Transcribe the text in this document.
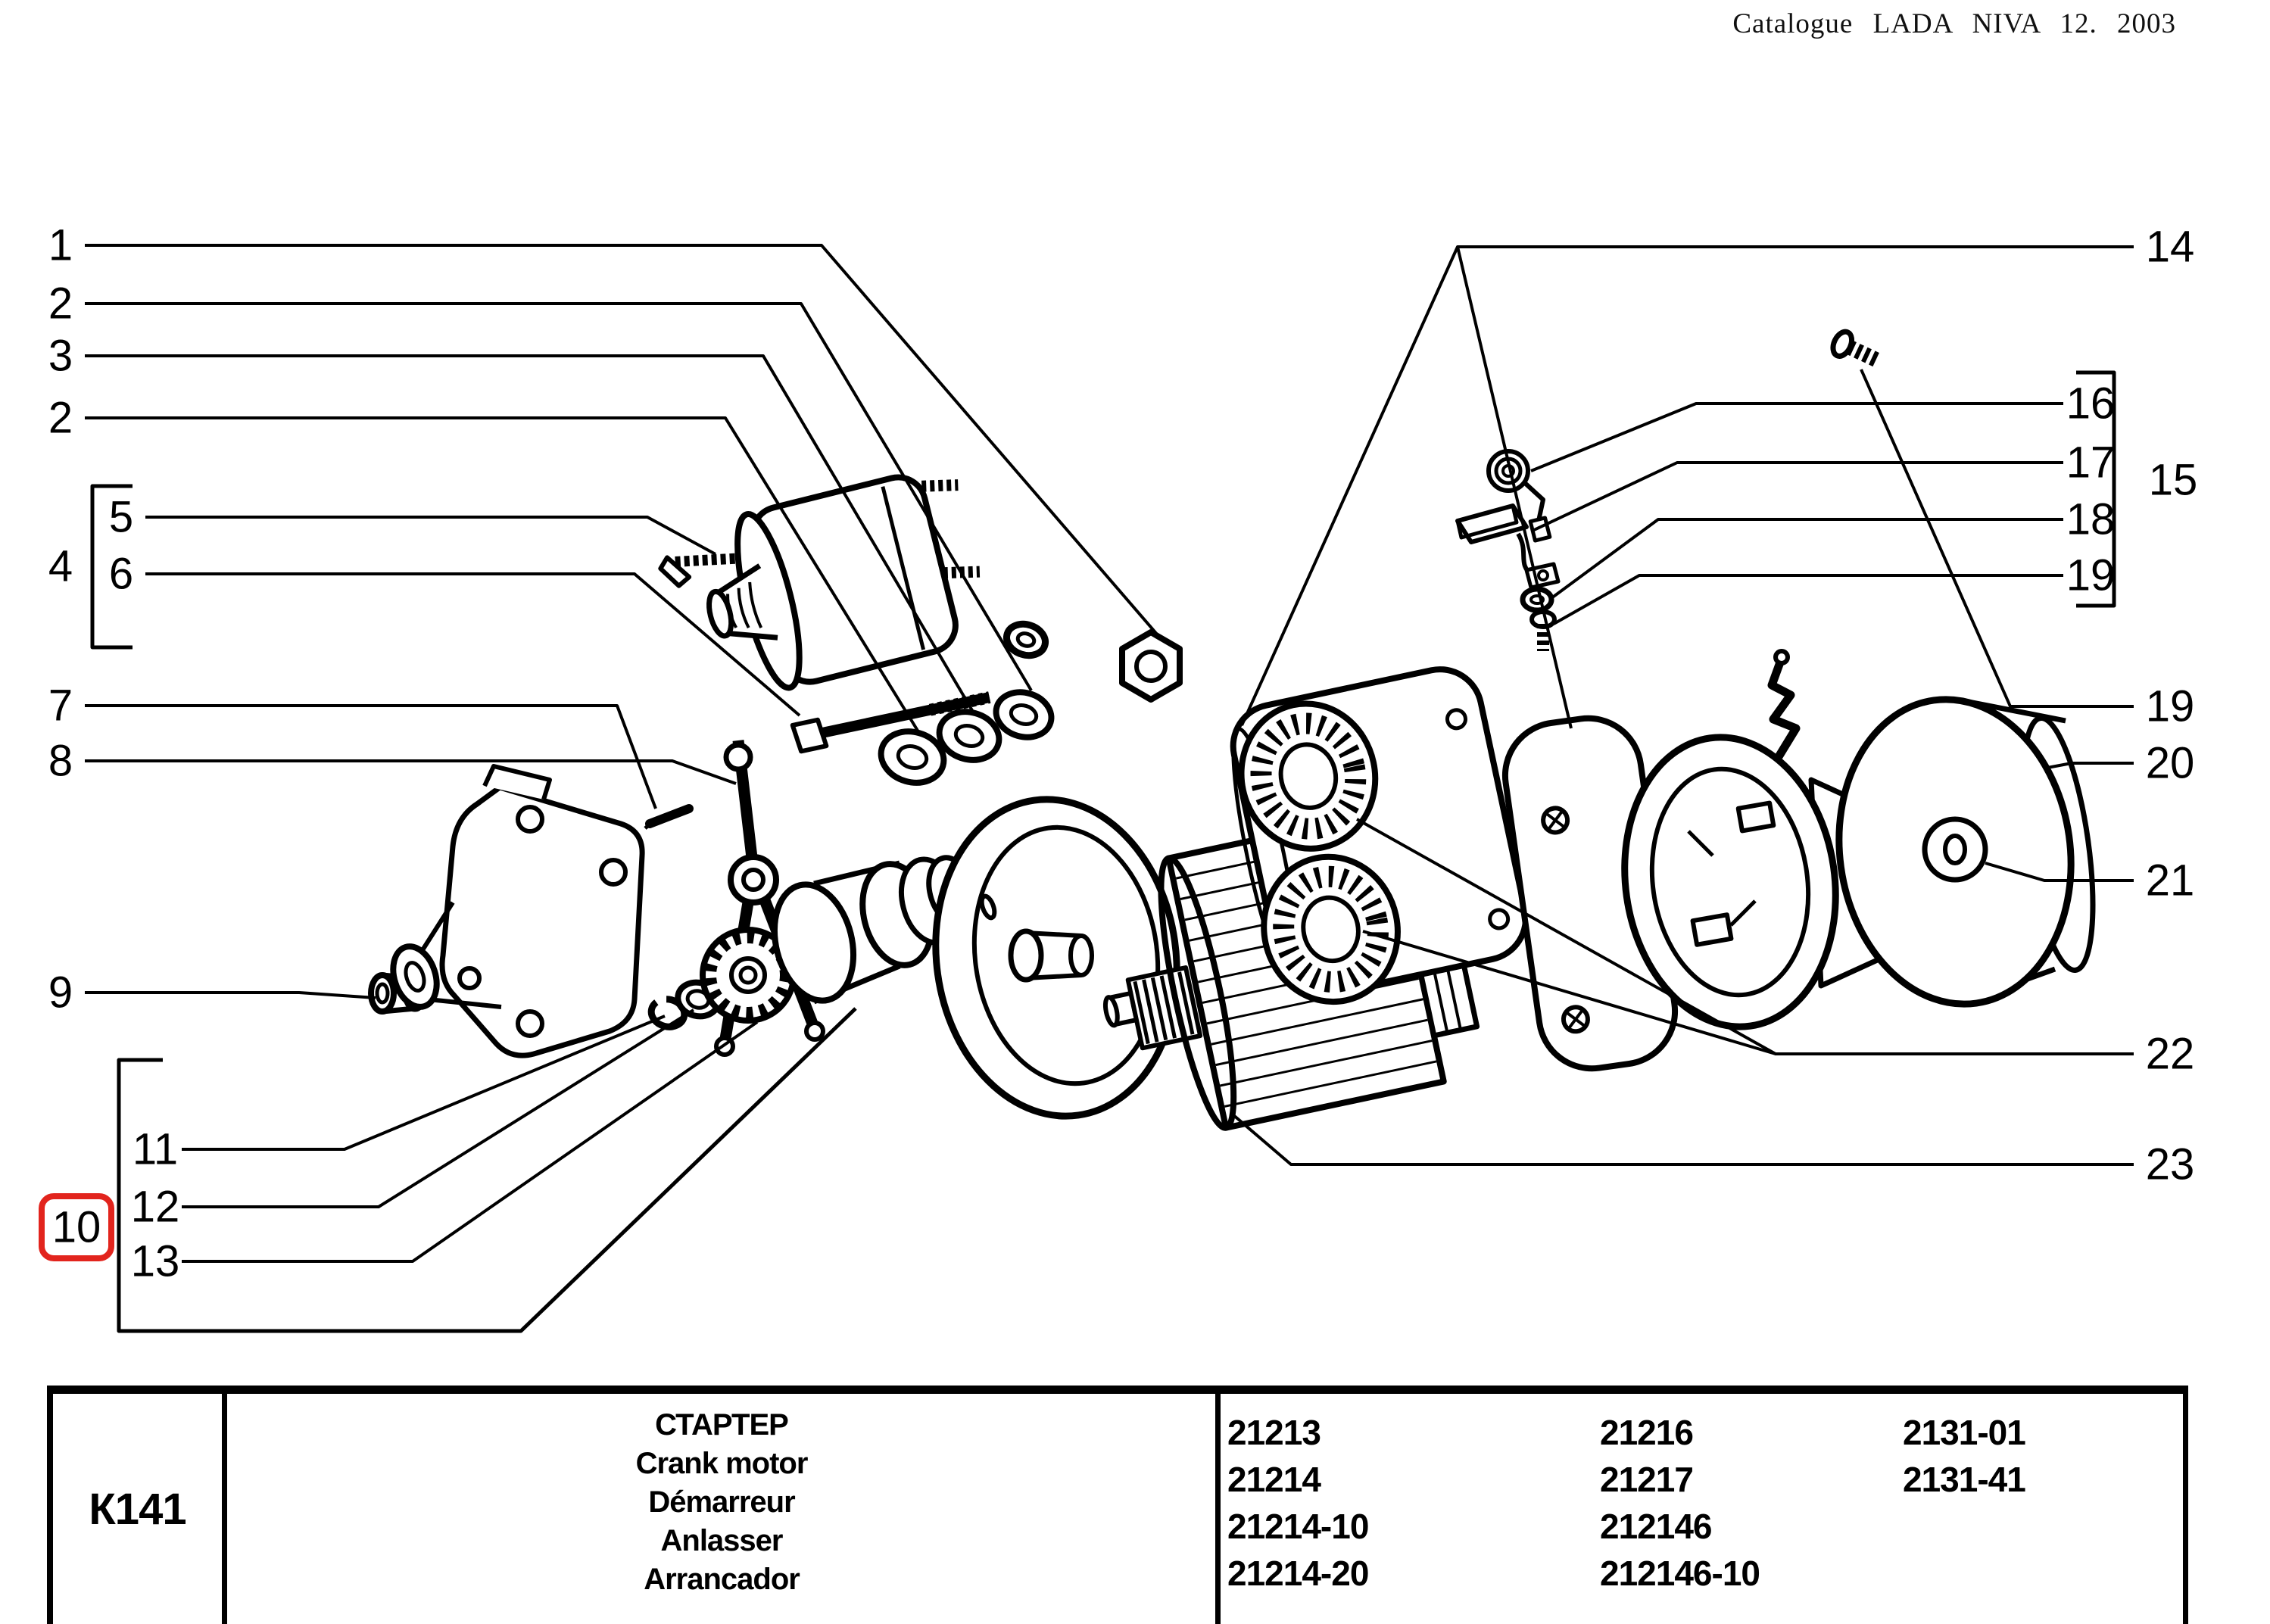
Catalogue LADA NIVA 12. 2003
1
2
3
2
4
5
6
7
8
9
10
11
12
13
14
15
16
17
18
19
19
20
21
22
23
К141
СТАРТЕР
Crank motor
Démarreur
Anlasser
Arrancador
21213
21214
21214-10
21214-20
21216
21217
212146
212146-10
2131-01
2131-41
